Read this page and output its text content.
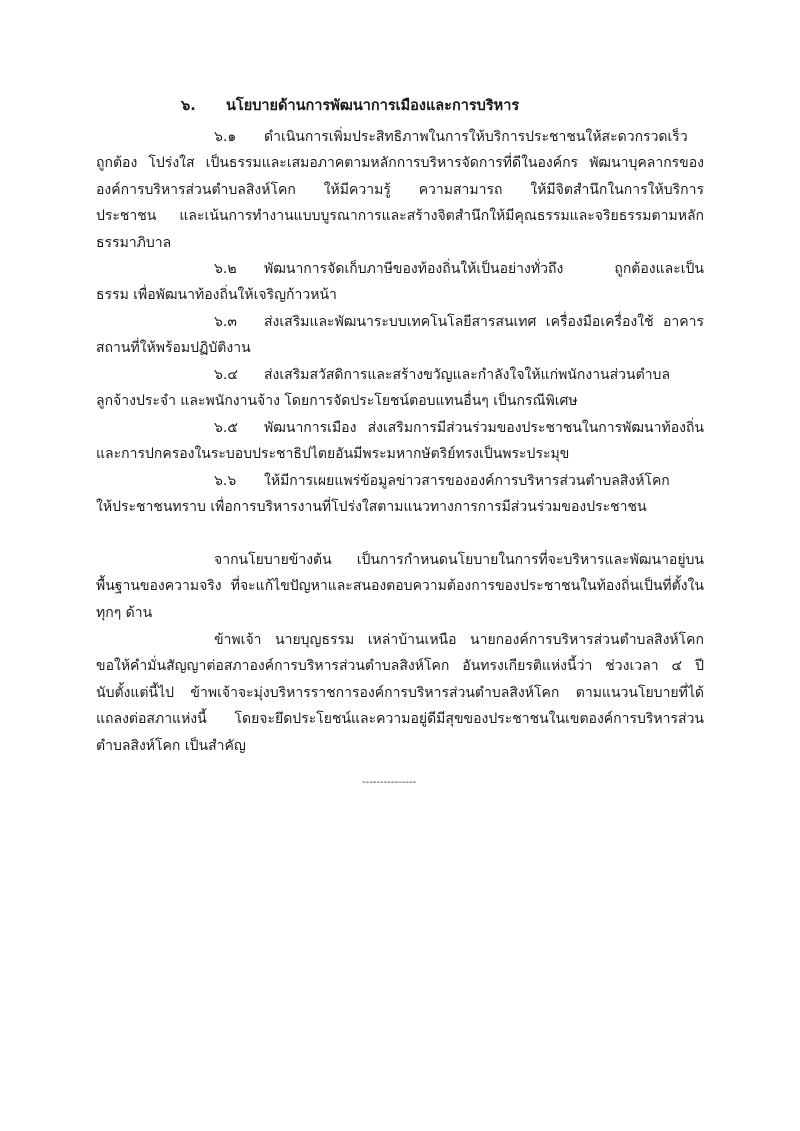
๖. นโยบายด้านการพัฒนาการเมืองและการบริหาร
๖.๑ ดำเนินการเพิ่มประสิทธิภาพในการให้บริการประชาชนให้สะดวกรวดเร็ว
ถูกต้อง โปร่งใส เป็นธรรมและเสมอภาคตามหลักการบริหารจัดการที่ดีในองค์กร พัฒนาบุคลากรของ
องค์การบริหารส่วนตำบลสิงห์โคก ให้มีความรู้ ความสามารถ ให้มีจิตสำนึกในการให้บริการ
ประชาชน และเน้นการทำงานแบบบูรณาการและสร้างจิตสำนึกให้มีคุณธรรมและจริยธรรมตามหลัก
ธรรมาภิบาล
๖.๒ พัฒนาการจัดเก็บภาษีของท้องถิ่นให้เป็นอย่างทั่วถึง ถูกต้องและเป็น
ธรรม เพื่อพัฒนาท้องถิ่นให้เจริญก้าวหน้า
๖.๓ ส่งเสริมและพัฒนาระบบเทคโนโลยีสารสนเทศ เครื่องมือเครื่องใช้ อาคาร
สถานที่ให้พร้อมปฏิบัติงาน
๖.๔ ส่งเสริมสวัสดิการและสร้างขวัญและกำลังใจให้แก่พนักงานส่วนตำบล
ลูกจ้างประจำ และพนักงานจ้าง โดยการจัดประโยชน์ตอบแทนอื่นๆ เป็นกรณีพิเศษ
๖.๕ พัฒนาการเมือง ส่งเสริมการมีส่วนร่วมของประชาชนในการพัฒนาท้องถิ่น
และการปกครองในระบอบประชาธิปไตยอันมีพระมหากษัตริย์ทรงเป็นพระประมุข
๖.๖ ให้มีการเผยแพร่ข้อมูลข่าวสารขององค์การบริหารส่วนตำบลสิงห์โคก
ให้ประชาชนทราบ เพื่อการบริหารงานที่โปร่งใสตามแนวทางการการมีส่วนร่วมของประชาชน
จากนโยบายข้างต้น เป็นการกำหนดนโยบายในการที่จะบริหารและพัฒนาอยู่บน
พื้นฐานของความจริง ที่จะแก้ไขปัญหาและสนองตอบความต้องการของประชาชนในท้องถิ่นเป็นที่ตั้งใน
ทุกๆ ด้าน
ข้าพเจ้า นายบุญธรรม เหล่าบ้านเหนือ นายกองค์การบริหารส่วนตำบลสิงห์โคก
ขอให้คำมั่นสัญญาต่อสภาองค์การบริหารส่วนตำบลสิงห์โคก อันทรงเกียรติแห่งนี้ว่า ช่วงเวลา ๔ ปี
นับตั้งแต่นี้ไป ข้าพเจ้าจะมุ่งบริหารราชการองค์การบริหารส่วนตำบลสิงห์โคก ตามแนวนโยบายที่ได้
แถลงต่อสภาแห่งนี้ โดยจะยึดประโยชน์และความอยู่ดีมีสุขของประชาชนในเขตองค์การบริหารส่วน
ตำบลสิงห์โคก เป็นสำคัญ
---------------
